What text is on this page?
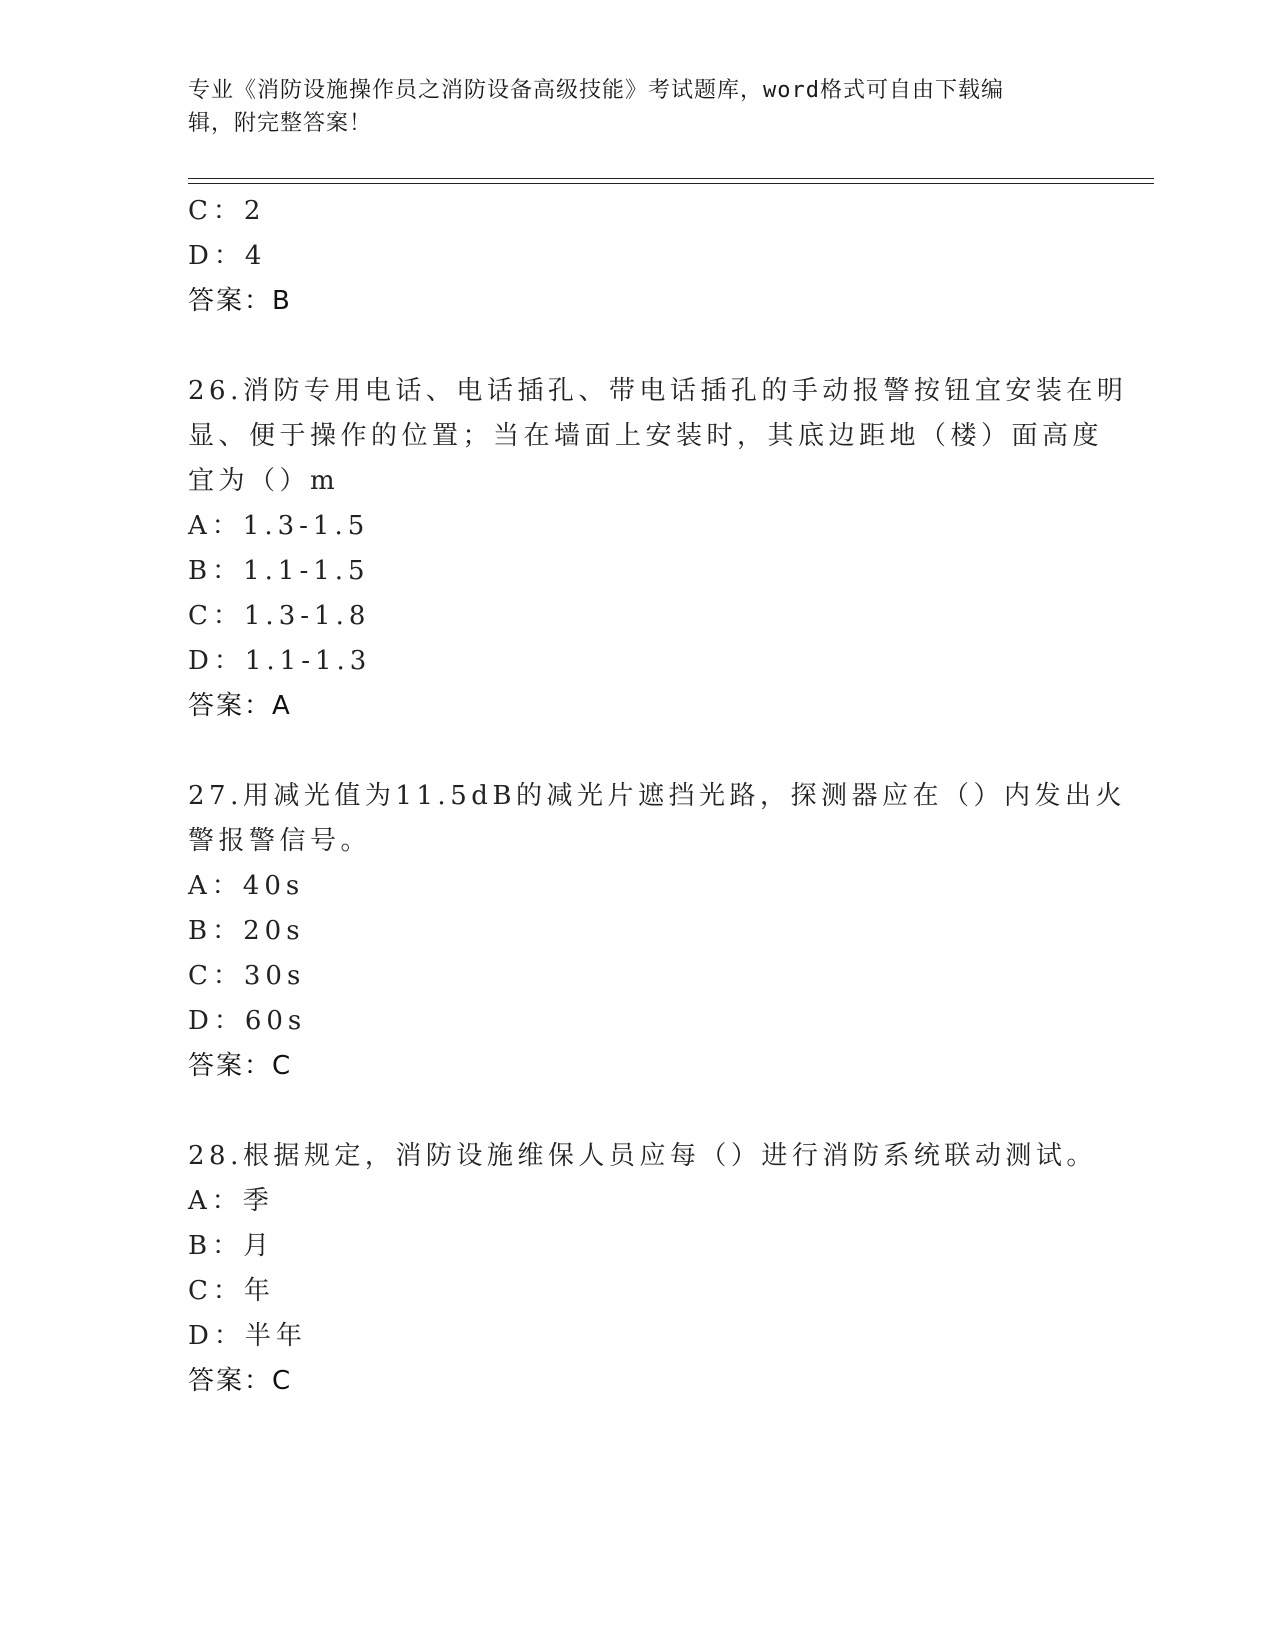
专业《消防设施操作员之消防设备高级技能》考试题库，word格式可自由下载编
辑，附完整答案！
C：2
D：4
答案：B
26.消防专用电话、电话插孔、带电话插孔的手动报警按钮宜安装在明
显、便于操作的位置；当在墙面上安装时，其底边距地（楼）面高度
宜为（）m
A：1.3-1.5
B：1.1-1.5
C：1.3-1.8
D：1.1-1.3
答案：A
27.用减光值为11.5dB的减光片遮挡光路，探测器应在（）内发出火
警报警信号。
A：40s
B：20s
C：30s
D：60s
答案：C
28.根据规定，消防设施维保人员应每（）进行消防系统联动测试。
A：季
B：月
C：年
D：半年
答案：C
